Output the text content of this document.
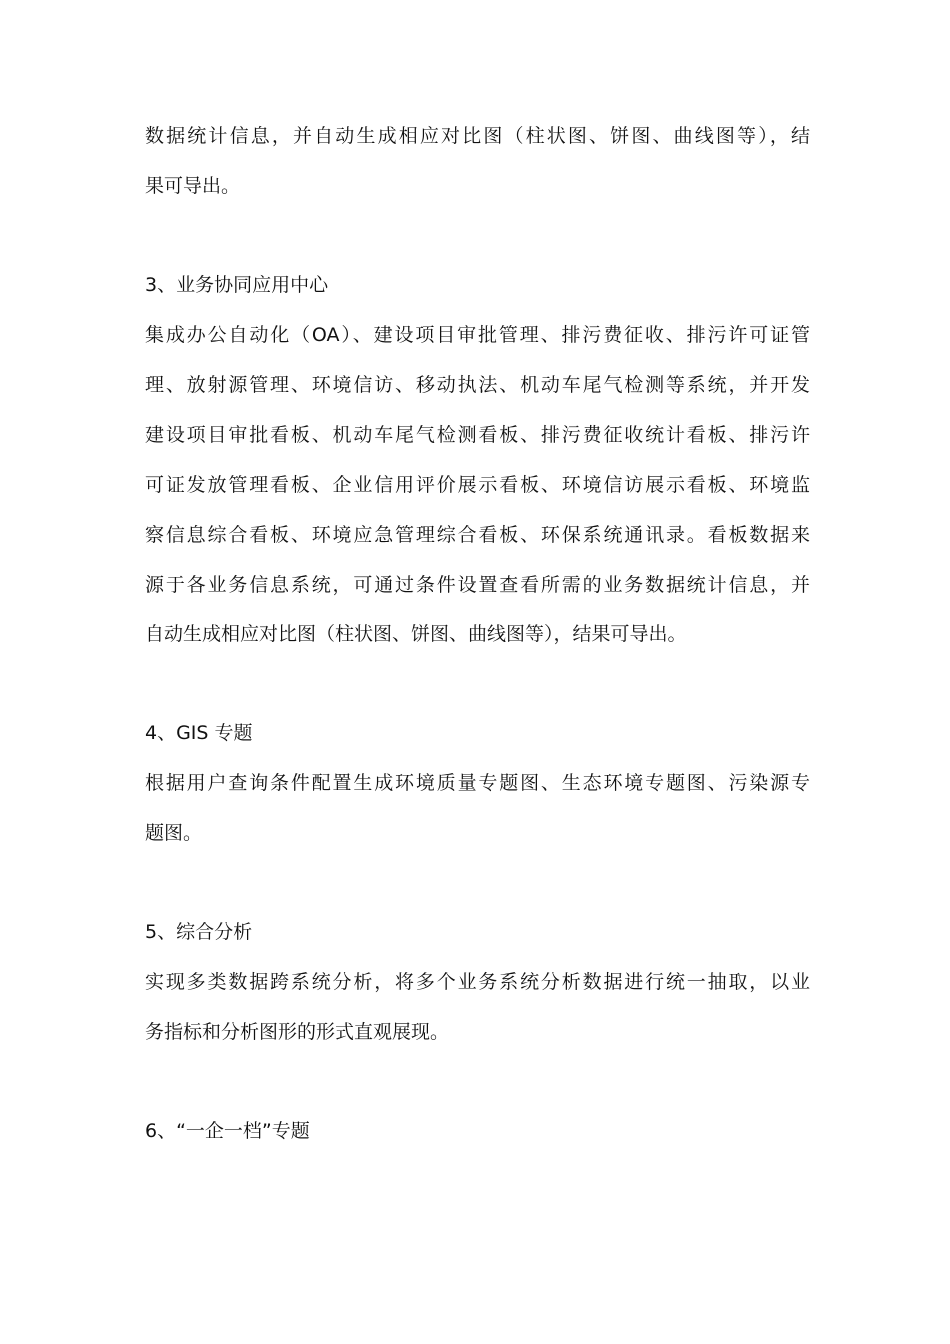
数据统计信息，并自动生成相应对比图（柱状图、饼图、曲线图等），结
果可导出。
3、业务协同应用中心
集成办公自动化（OA）、建设项目审批管理、排污费征收、排污许可证管
理、放射源管理、环境信访、移动执法、机动车尾气检测等系统，并开发
建设项目审批看板、机动车尾气检测看板、排污费征收统计看板、排污许
可证发放管理看板、企业信用评价展示看板、环境信访展示看板、环境监
察信息综合看板、环境应急管理综合看板、环保系统通讯录。看板数据来
源于各业务信息系统，可通过条件设置查看所需的业务数据统计信息，并
自动生成相应对比图（柱状图、饼图、曲线图等），结果可导出。
4、GIS 专题
根据用户查询条件配置生成环境质量专题图、生态环境专题图、污染源专
题图。
5、综合分析
实现多类数据跨系统分析，将多个业务系统分析数据进行统一抽取，以业
务指标和分析图形的形式直观展现。
6、“一企一档”专题
